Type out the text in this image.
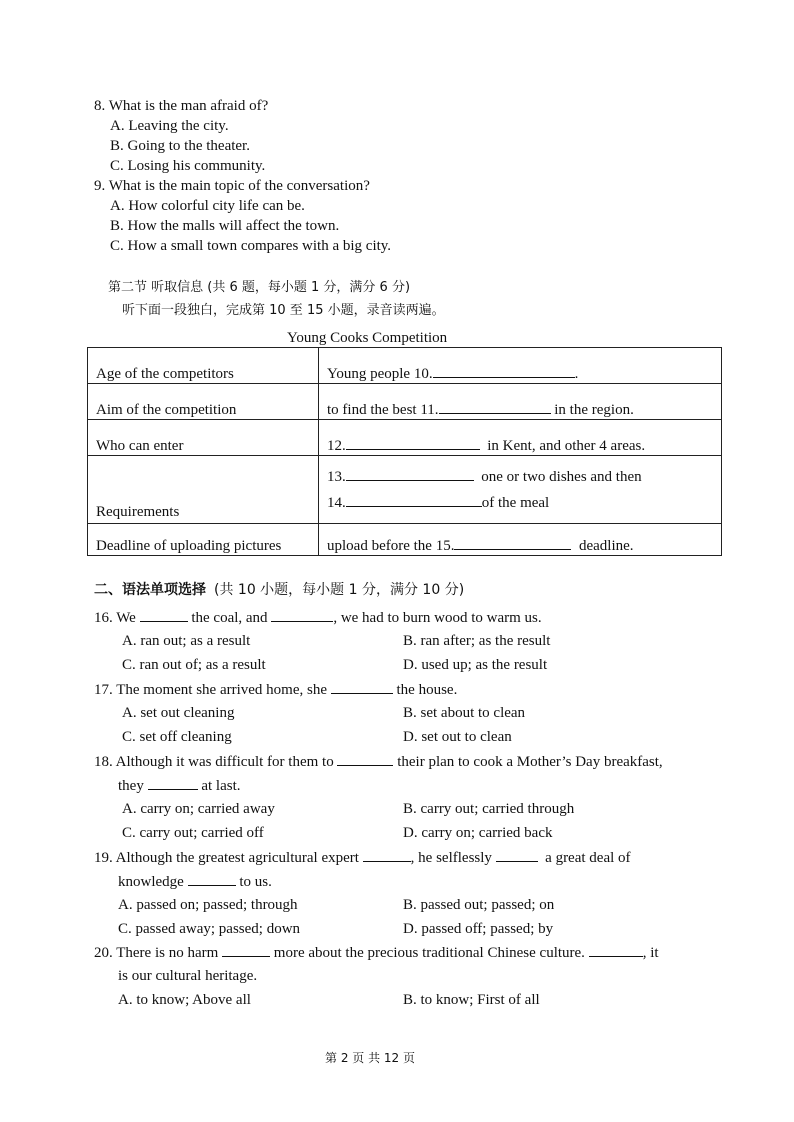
8. What is the man afraid of?
A. Leaving the city.
B. Going to the theater.
C. Losing his community.
9. What is the main topic of the conversation?
A. How colorful city life can be.
B. How the malls will affect the town.
C. How a small town compares with a big city.
第二节 听取信息 (共 6 题，每小题 1 分，满分 6 分)
听下面一段独白，完成第 10 至 15 小题，录音读两遍。
Young Cooks Competition
Age of the competitors	Young people 10. .
Aim of the competition	to find the best 11. in the region.
Who can enter	12. in Kent, and other 4 areas.
Requirements	13. one or two dishes and then
14. of the meal

Deadline of uploading pictures	upload before the 15. deadline.
二、语法单项选择 (共 10 小题，每小题 1 分，满分 10 分)
16. We	the coal, and	, we had to burn wood to warm us.
A. ran out; as a result	B. ran after; as the result
C. ran out of; as a result	D. used up; as the result
17. The moment she arrived home, she	the house.
A. set out cleaning	B. set about to clean
C. set off cleaning	D. set out to clean
18. Although it was difficult for them to	their plan to cook a Mother’s Day breakfast,
they	at last.
A. carry on; carried away	B. carry out; carried through
C. carry out; carried off	D. carry on; carried back
19. Although the greatest agricultural expert	, he selflessly	a great deal of
knowledge	to us.
A. passed on; passed; through	B. passed out; passed; on
C. passed away; passed; down	D. passed off; passed; by
20. There is no harm	more about the precious traditional Chinese culture.	, it
is our cultural heritage.
A. to know; Above all	B. to know; First of all
第 2 页 共 12 页
